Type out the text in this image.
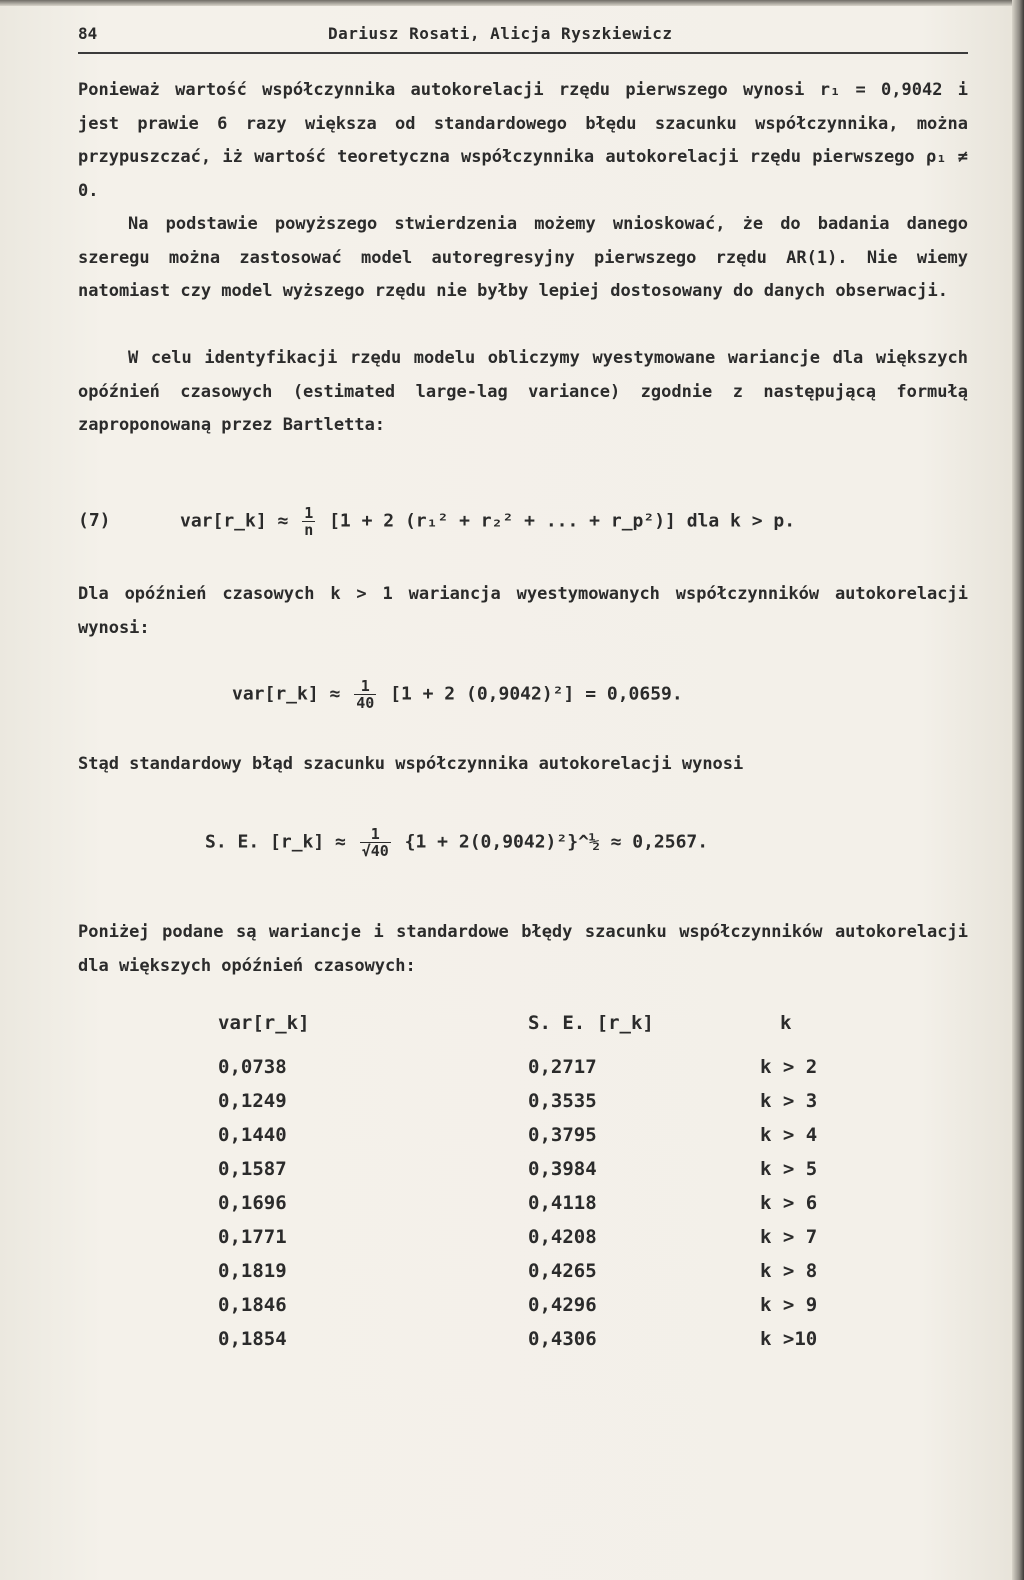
84	Dariusz Rosati, Alicja Ryszkiewicz

Ponieważ wartość współczynnika autokorelacji rzędu pierwszego wynosi r₁ = 0,9042 i jest prawie 6 razy większa od standardowego błędu szacunku współczynnika, można przypuszczać, iż wartość teoretyczna współczynnika autokorelacji rzędu pierwszego ρ₁ ≠ 0.

Na podstawie powyższego stwierdzenia możemy wnioskować, że do badania danego szeregu można zastosować model autoregresyjny pierwszego rzędu AR(1). Nie wiemy natomiast czy model wyższego rzędu nie byłby lepiej dostosowany do danych obserwacji.

W celu identyfikacji rzędu modelu obliczymy wyestymowane wariancje dla większych opóźnień czasowych (estimated large-lag variance) zgodnie z następującą formułą zaproponowaną przez Bartletta:

(7)	var[r_k] ≈ $\frac{1}{n} [1 + 2$ (r₁² + r₂² + ... + r_p²)] dla k > p.

Dla opóźnień czasowych k > 1 wariancja wyestymowanych współczynników autokorelacji wynosi:

var[r_k] ≈ $\frac{1}{40} [1 + 2$ (0,9042)²] = 0,0659.

Stąd standardowy błąd szacunku współczynnika autokorelacji wynosi

S. E. [r_k] ≈ $\frac{1}{√40} \{1$ + 2(0,9042)²}^½ ≈ 0,2567.

Poniżej podane są wariancje i standardowe błędy szacunku współczynników autokorelacji dla większych opóźnień czasowych:

var[r_k]	S. E. [r_k]	k
0,0738	0,2717	k > 2
0,1249	0,3535	k > 3
0,1440	0,3795	k > 4
0,1587	0,3984	k > 5
0,1696	0,4118	k > 6
0,1771	0,4208	k > 7
0,1819	0,4265	k > 8
0,1846	0,4296	k > 9
0,1854	0,4306	k >10
